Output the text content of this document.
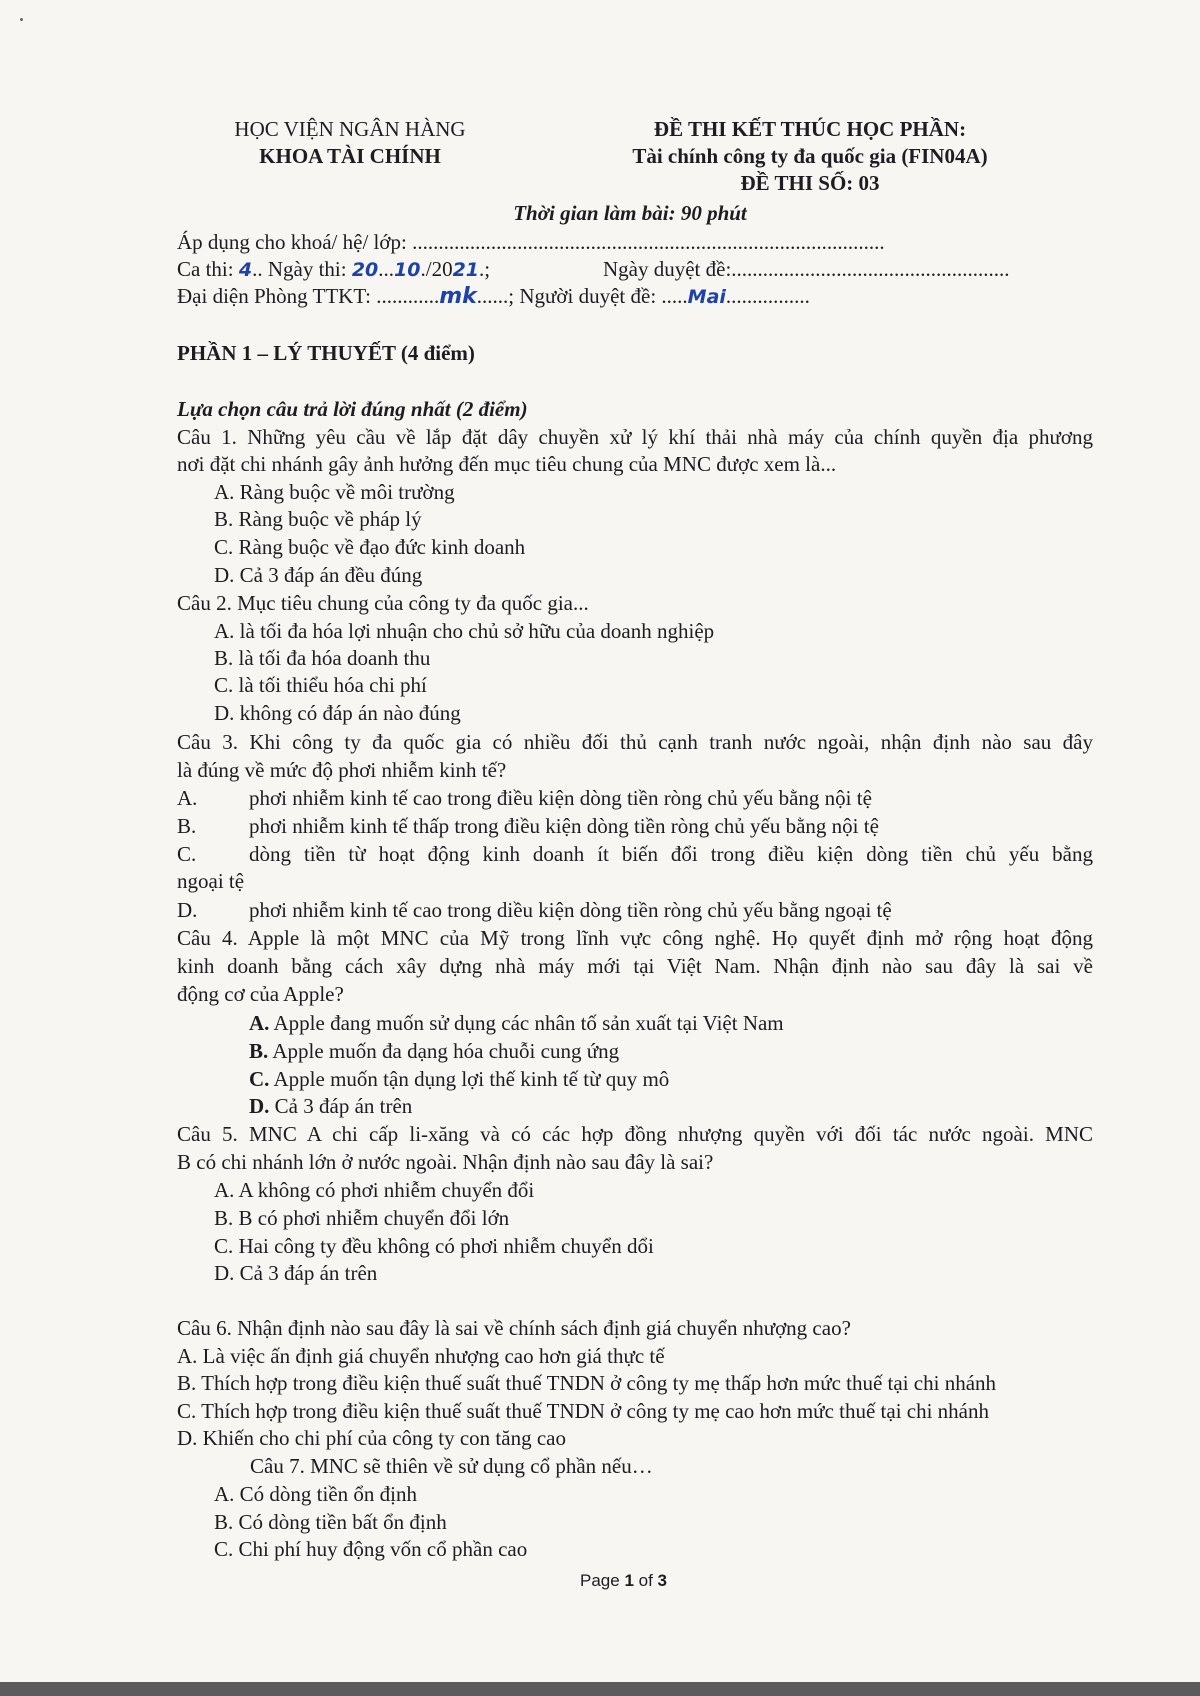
HỌC VIỆN NGÂN HÀNG
KHOA TÀI CHÍNH
ĐỀ THI KẾT THÚC HỌC PHẦN:
Tài chính công ty đa quốc gia (FIN04A)
ĐỀ THI SỐ: 03
Thời gian làm bài: 90 phút
Áp dụng cho khoá/ hệ/ lớp: ..........................................................................................
Ca thi: 4.. Ngày thi: 20...10./2021.;	Ngày duyệt đề:.....................................................
Đại diện Phòng TTKT: ............mk......; Người duyệt đề: .....Mai................
PHẦN 1 – LÝ THUYẾT (4 điểm)
Lựa chọn câu trả lời đúng nhất (2 điểm)
Câu 1. Những yêu cầu về lắp đặt dây chuyền xử lý khí thải nhà máy của chính quyền địa phương
nơi đặt chi nhánh gây ảnh hưởng đến mục tiêu chung của MNC được xem là...
A. Ràng buộc về môi trường
B. Ràng buộc về pháp lý
C. Ràng buộc về đạo đức kinh doanh
D. Cả 3 đáp án đều đúng
Câu 2. Mục tiêu chung của công ty đa quốc gia...
A. là tối đa hóa lợi nhuận cho chủ sở hữu của doanh nghiệp
B. là tối đa hóa doanh thu
C. là tối thiểu hóa chi phí
D. không có đáp án nào đúng
Câu 3. Khi công ty đa quốc gia có nhiều đối thủ cạnh tranh nước ngoài, nhận định nào sau đây
là đúng về mức độ phơi nhiễm kinh tế?
A. phơi nhiễm kinh tế cao trong điều kiện dòng tiền ròng chủ yếu bằng nội tệ
B.	phơi nhiễm kinh tế thấp trong điều kiện dòng tiền ròng chủ yếu bằng nội tệ
C.	dòng tiền từ hoạt động kinh doanh ít biến đổi trong điều kiện dòng tiền chủ yếu bằng
ngoại tệ
D. phơi nhiễm kinh tế cao trong diều kiện dòng tiền ròng chủ yếu bằng ngoại tệ
Câu 4. Apple là một MNC của Mỹ trong lĩnh vực công nghệ. Họ quyết định mở rộng hoạt động
kinh doanh bằng cách xây dựng nhà máy mới tại Việt Nam. Nhận định nào sau đây là sai về
động cơ của Apple?
A. Apple đang muốn sử dụng các nhân tố sản xuất tại Việt Nam
B. Apple muốn đa dạng hóa chuỗi cung ứng
C. Apple muốn tận dụng lợi thế kinh tế từ quy mô
D. Cả 3 đáp án trên
Câu 5. MNC A chi cấp li-xăng và có các hợp đồng nhượng quyền với đối tác nước ngoài. MNC
B có chi nhánh lớn ở nước ngoài. Nhận định nào sau đây là sai?
A. A không có phơi nhiễm chuyển đổi
B. B có phơi nhiễm chuyển đổi lớn
C. Hai công ty đều không có phơi nhiễm chuyển dổi
D. Cả 3 đáp án trên
Câu 6. Nhận định nào sau đây là sai về chính sách định giá chuyển nhượng cao?
A. Là việc ấn định giá chuyển nhượng cao hơn giá thực tế
B. Thích hợp trong điều kiện thuế suất thuế TNDN ở công ty mẹ thấp hơn mức thuế tại chi nhánh
C. Thích hợp trong điều kiện thuế suất thuế TNDN ở công ty mẹ cao hơn mức thuế tại chi nhánh
D. Khiến cho chi phí của công ty con tăng cao
Câu 7. MNC sẽ thiên về sử dụng cổ phần nếu…
A. Có dòng tiền ổn định
B. Có dòng tiền bất ổn định
C. Chi phí huy động vốn cổ phần cao
Page 1 of 3
